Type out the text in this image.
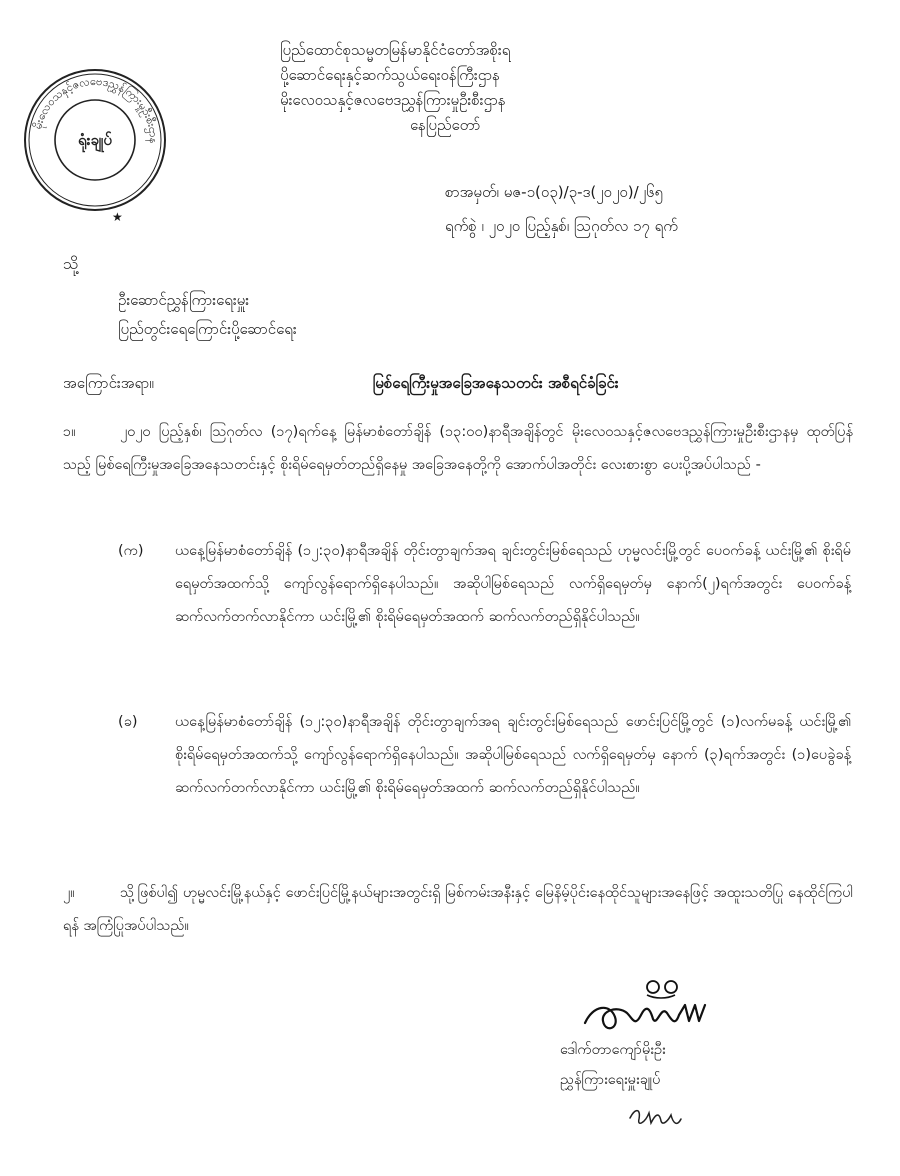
မိုးလေဝသနှင့်ဇလဗေဒညွှန်ကြားမှုဦးစီးဌာန
ရုံးချုပ်
★
ပြည်ထောင်စုသမ္မတမြန်မာနိုင်ငံတော်အစိုးရ
ပို့ဆောင်ရေးနှင့်ဆက်သွယ်ရေးဝန်ကြီးဌာန
မိုးလေဝသနှင့်ဇလဗေဒညွှန်ကြားမှုဦးစီးဌာန
နေပြည်တော်
စာအမှတ်၊ မဇ-၁(၀၃)/၃-ဒ(၂၀၂၀)/၂၆၅
ရက်စွဲ ၊ ၂၀၂၀ ပြည့်နှစ်၊ ဩဂုတ်လ ၁၇ ရက်
သို့
ဦးဆောင်ညွှန်ကြားရေးမှူး
ပြည်တွင်းရေကြောင်းပို့ဆောင်ရေး
အကြောင်းအရာ။	မြစ်ရေကြီးမှုအခြေအနေသတင်း အစီရင်ခံခြင်း
၁။	၂၀၂၀ ပြည့်နှစ်၊ ဩဂုတ်လ (၁၇)ရက်နေ့ မြန်မာစံတော်ချိန် (၁၃:၀၀)နာရီအချိန်တွင် မိုးလေဝသနှင့်ဇလဗေဒညွှန်ကြားမှုဦးစီးဌာနမှ ထုတ်ပြန်သည့် မြစ်ရေကြီးမှုအခြေအနေသတင်းနှင့် စိုးရိမ်ရေမှတ်တည်ရှိနေမှု အခြေအနေတို့ကို အောက်ပါအတိုင်း လေးစားစွာ ပေးပို့အပ်ပါသည် -
(က)	ယနေ့မြန်မာစံတော်ချိန် (၁၂:၃၀)နာရီအချိန် တိုင်းတွာချက်အရ ချင်းတွင်းမြစ်ရေသည် ဟုမ္မလင်းမြို့တွင် ပေ၀က်ခန့် ယင်းမြို့၏ စိုးရိမ်ရေမှတ်အထက်သို့ ကျော်လွန်ရောက်ရှိနေပါသည်။ အဆိုပါမြစ်ရေသည် လက်ရှိရေမှတ်မှ နောက်(၂)ရက်အတွင်း ပေ၀က်ခန့် ဆက်လက်တက်လာနိုင်ကာ ယင်းမြို့၏ စိုးရိမ်ရေမှတ်အထက် ဆက်လက်တည်ရှိနိုင်ပါသည်။
(ခ)	ယနေ့မြန်မာစံတော်ချိန် (၁၂:၃၀)နာရီအချိန် တိုင်းတွာချက်အရ ချင်းတွင်းမြစ်ရေသည် ဖောင်းပြင်မြို့တွင် (၁)လက်မခန့် ယင်းမြို့၏ စိုးရိမ်ရေမှတ်အထက်သို့ ကျော်လွန်ရောက်ရှိနေပါသည်။ အဆိုပါမြစ်ရေသည် လက်ရှိရေမှတ်မှ နောက် (၃)ရက်အတွင်း (၁)ပေခွဲခန့် ဆက်လက်တက်လာနိုင်ကာ ယင်းမြို့၏ စိုးရိမ်ရေမှတ်အထက် ဆက်လက်တည်ရှိနိုင်ပါသည်။
၂။	သို့ဖြစ်ပါ၍ ဟုမ္မလင်းမြို့နယ်နှင့် ဖောင်းပြင်မြို့နယ်များအတွင်းရှိ မြစ်ကမ်းအနီးနှင့် မြေနိမ့်ပိုင်းနေထိုင်သူများအနေဖြင့် အထူးသတိပြု နေထိုင်ကြပါရန် အကြံပြုအပ်ပါသည်။
ဒေါက်တာကျော်မိုးဦး
ညွှန်ကြားရေးမှူးချုပ်
